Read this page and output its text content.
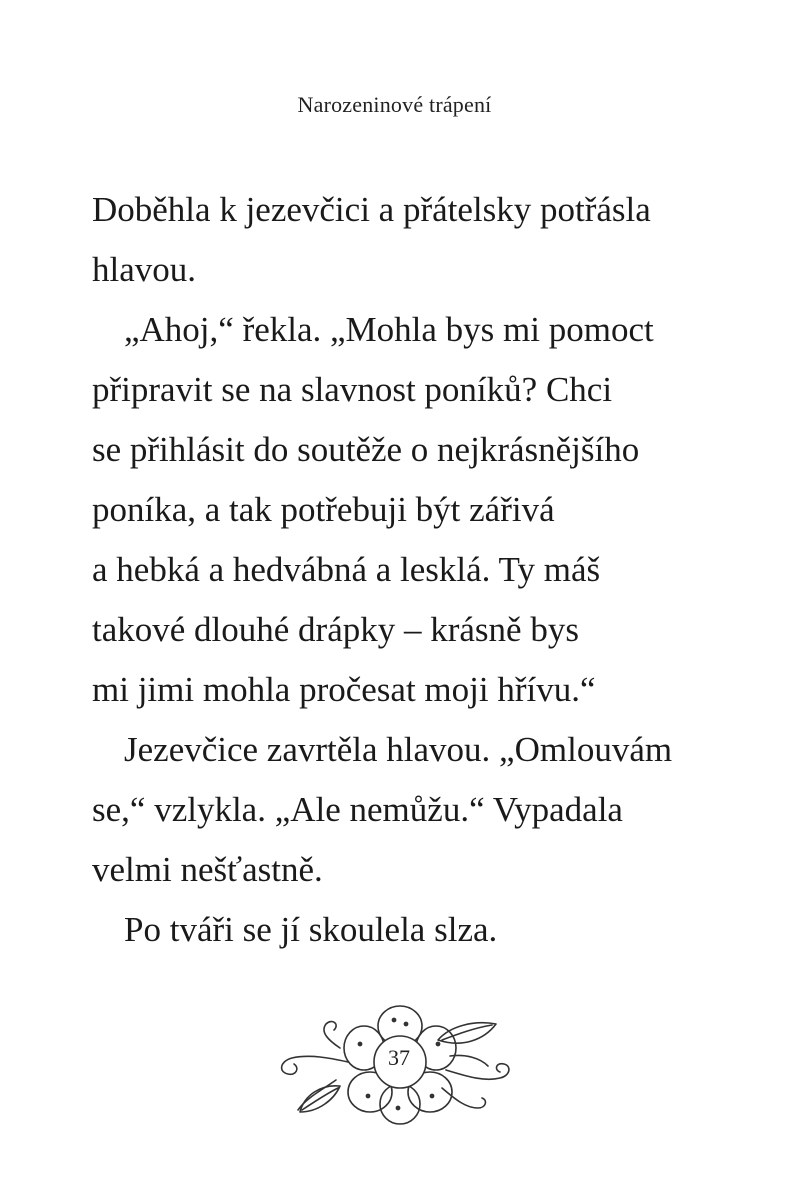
Narozeninové trápení
Doběhla k jezevčici a přátelsky potřásla
hlavou.
„Ahoj,“ řekla. „Mohla bys mi pomoct
připravit se na slavnost poníků? Chci
se přihlásit do soutěže o nejkrásnějšího
poníka, a tak potřebuji být zářivá
a hebká a hedvábná a lesklá. Ty máš
takové dlouhé drápky – krásně bys
mi jimi mohla pročesat moji hřívu.“
Jezevčice zavrtěla hlavou. „Omlouvám
se,“ vzlykla. „Ale nemůžu.“ Vypadala
velmi nešťastně.
Po tváři se jí skoulela slza.
37
